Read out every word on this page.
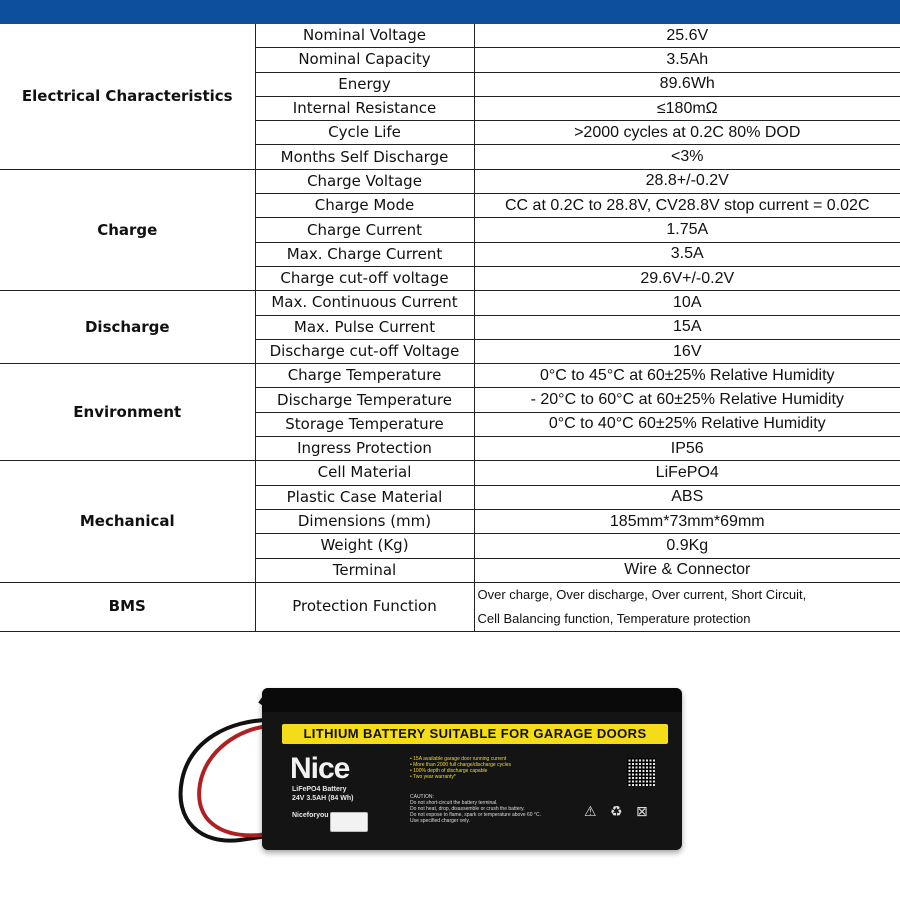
Electrical Characteristics	Nominal Voltage	25.6V
	Nominal Capacity	3.5Ah
	Energy	89.6Wh
	Internal Resistance	≤180mΩ
	Cycle Life	>2000 cycles at 0.2C 80% DOD
	Months Self Discharge	<3%
Charge	Charge Voltage	28.8+/-0.2V
	Charge Mode	CC at 0.2C to 28.8V, CV28.8V stop current = 0.02C
	Charge Current	1.75A
	Max. Charge Current	3.5A
	Charge cut-off voltage	29.6V+/-0.2V
Discharge	Max. Continuous Current	10A
	Max. Pulse Current	15A
	Discharge cut-off Voltage	16V
Environment	Charge Temperature	0°C to 45°C at 60±25% Relative Humidity
	Discharge Temperature	- 20°C to 60°C at 60±25% Relative Humidity
	Storage Temperature	0°C to 40°C 60±25% Relative Humidity
	Ingress Protection	IP56
Mechanical	Cell Material	LiFePO4
	Plastic Case Material	ABS
	Dimensions (mm)	185mm*73mm*69mm
	Weight (Kg)	0.9Kg
	Terminal	Wire & Connector
BMS	Protection Function	Over charge, Over discharge, Over current, Short Circuit,
Cell Balancing function, Temperature protection
LITHIUM BATTERY SUITABLE FOR GARAGE DOORS
Nice
LiFePO4 Battery
24V 3.5AH (84 Wh)
Niceforyou
• 15A available garage door running current
• More than 2000 full charge/discharge cycles
• 100% depth of discharge capable
• Two year warranty*
CAUTION:
Do not short-circuit the battery terminal.
Do not heat, drop, disassemble or crush the battery.
Do not expose to flame, spark or temperature above 60 °C.
Use specified charger only.
⚠ ♻ ⊠
